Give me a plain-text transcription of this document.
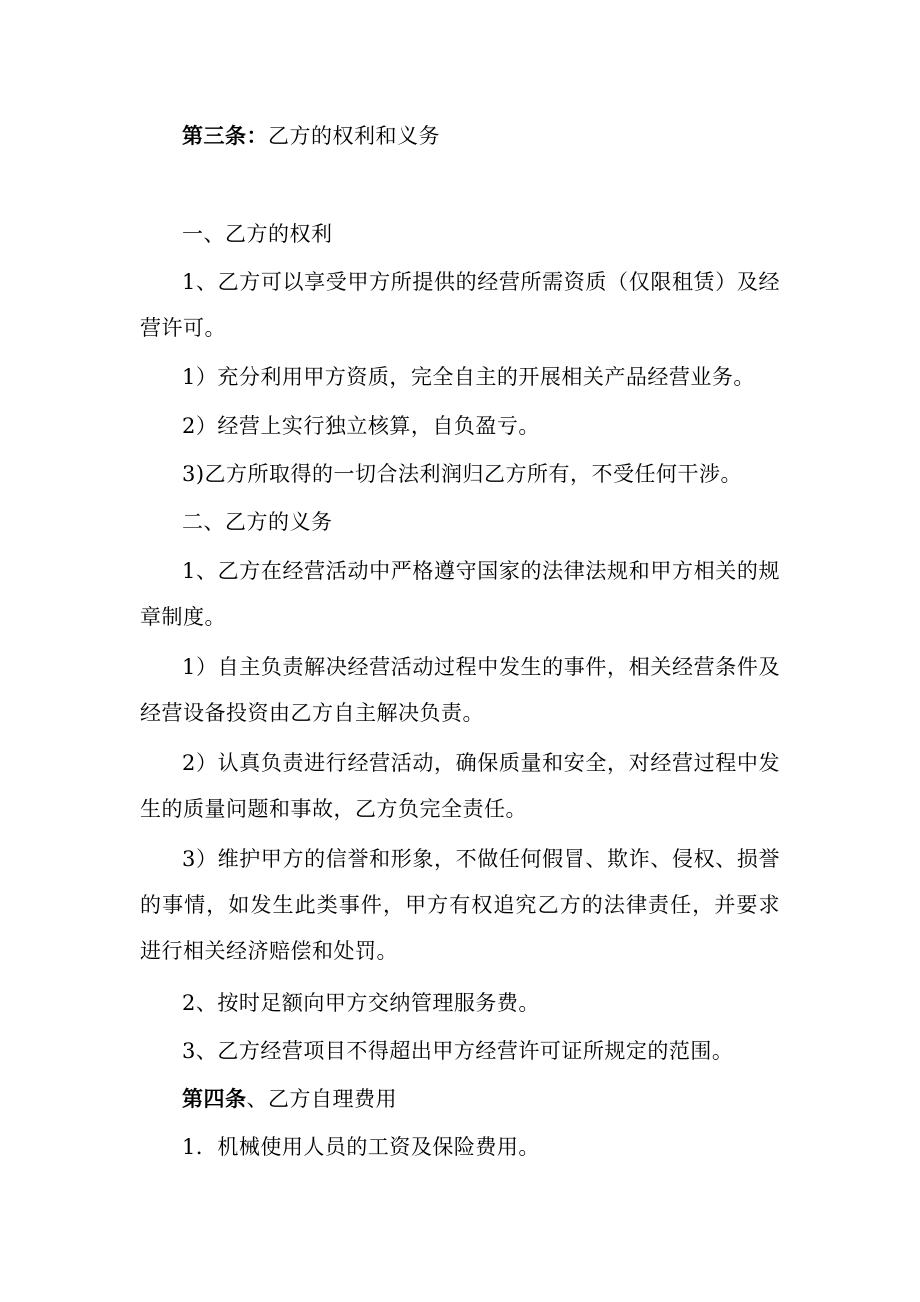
第三条：乙方的权利和义务
一、乙方的权利
1、乙方可以享受甲方所提供的经营所需资质（仅限租赁）及经营许可。
1）充分利用甲方资质，完全自主的开展相关产品经营业务。
2）经营上实行独立核算，自负盈亏。
3)乙方所取得的一切合法利润归乙方所有，不受任何干涉。
二、乙方的义务
1、乙方在经营活动中严格遵守国家的法律法规和甲方相关的规章制度。
1）自主负责解决经营活动过程中发生的事件，相关经营条件及经营设备投资由乙方自主解决负责。
2）认真负责进行经营活动，确保质量和安全，对经营过程中发生的质量问题和事故，乙方负完全责任。
3）维护甲方的信誉和形象，不做任何假冒、欺诈、侵权、损誉的事情，如发生此类事件，甲方有权追究乙方的法律责任，并要求进行相关经济赔偿和处罚。
2、按时足额向甲方交纳管理服务费。
3、乙方经营项目不得超出甲方经营许可证所规定的范围。
第四条、乙方自理费用
1．机械使用人员的工资及保险费用。
